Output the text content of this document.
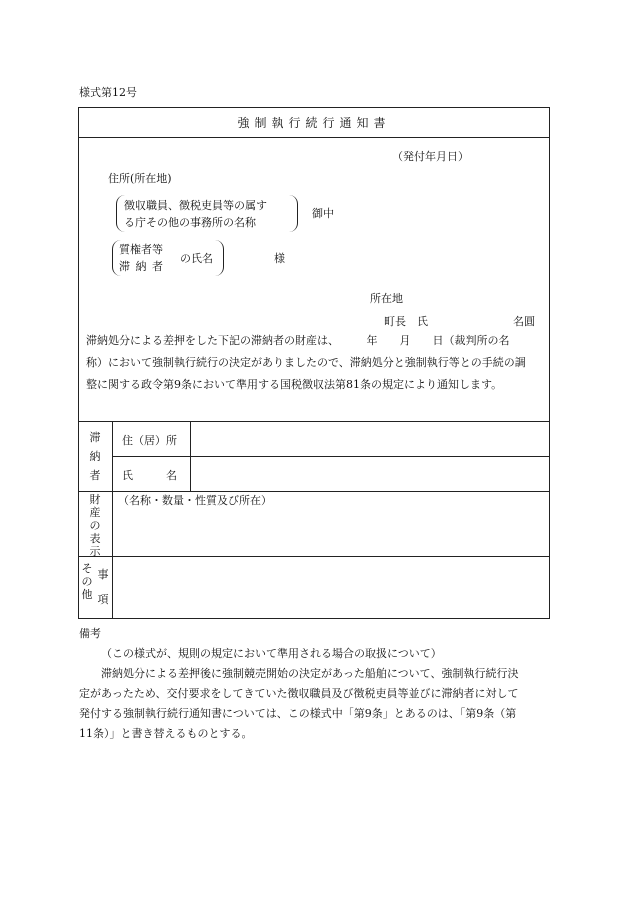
様式第12号
強制執行続行通知書
（発付年月日）
住所(所在地)
徴収職員、徴税吏員等の属す
る庁その他の事務所の名称
御中
質権者等
滞 納 者
の氏名	様
所在地
町長　氏	名圓
滞納処分による差押をした下記の滞納者の財産は、　　　年　　月　　日（裁判所の名
称）において強制執行続行の決定がありましたので、滞納処分と強制執行等との手続の調
整に関する政令第9条において準用する国税徴収法第81条の規定により通知します。
滞納者
住（居）所
氏　　　名
財産の表示
（名称・数量・性質及び所在）
その他
事項
備考
（この様式が、規則の規定において準用される場合の取扱について）
滞納処分による差押後に強制競売開始の決定があった船舶について、強制執行続行決
定があったため、交付要求をしてきていた徴収職員及び徴税吏員等並びに滞納者に対して
発付する強制執行続行通知書については、この様式中「第9条」とあるのは、「第9条（第
11条）」と書き替えるものとする。
